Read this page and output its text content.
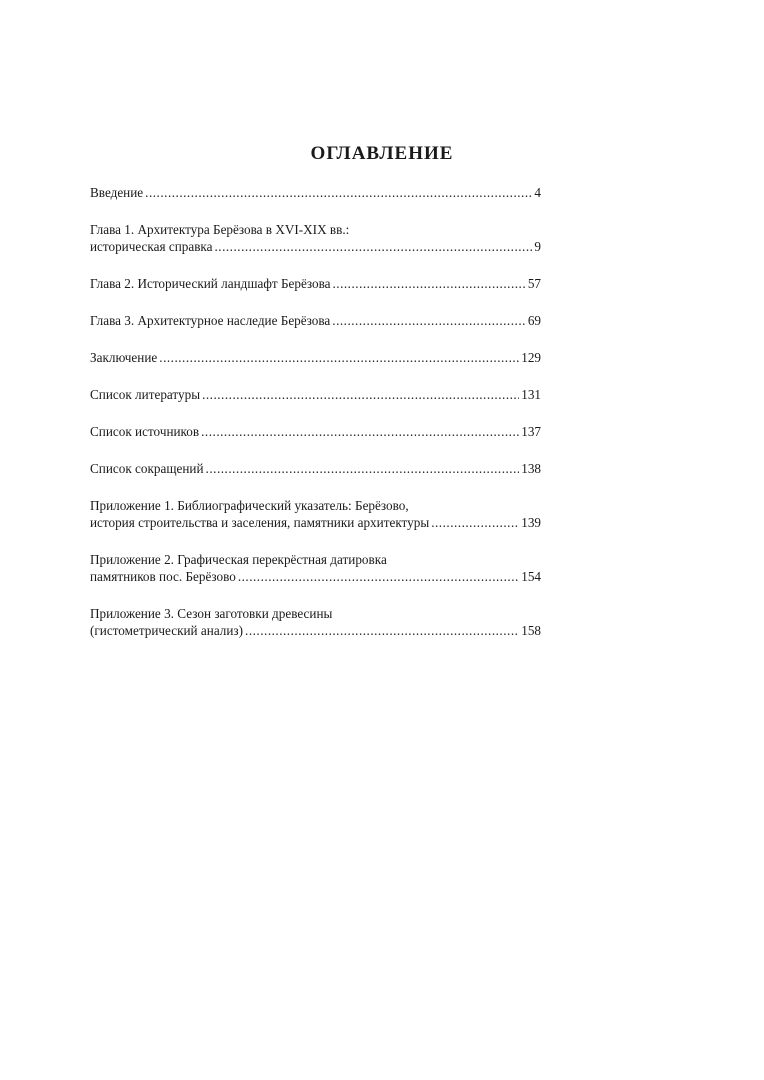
ОГЛАВЛЕНИЕ
Введение .....	4
Глава 1. Архитектура Берёзова в XVI-XIX вв.:
историческая справка .....	9
Глава 2. Исторический ландшафт Берёзова .....	57
Глава 3. Архитектурное наследие Берёзова .....	69
Заключение .....	129
Список литературы .....	131
Список источников .....	137
Список сокращений .....	138
Приложение 1. Библиографический указатель: Берёзово,
история строительства и заселения, памятники архитектуры .....	139
Приложение 2. Графическая перекрёстная датировка
памятников пос. Берёзово .....	154
Приложение 3. Сезон заготовки древесины
(гистометрический анализ) .....	158
